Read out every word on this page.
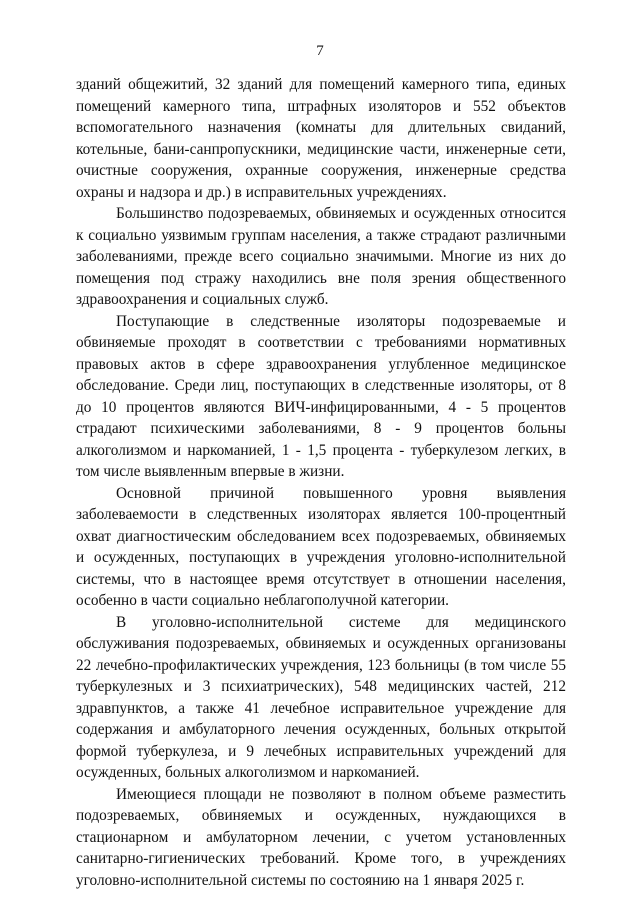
7

зданий общежитий, 32 зданий для помещений камерного типа, единых помещений камерного типа, штрафных изоляторов и 552 объектов вспомогательного назначения (комнаты для длительных свиданий, котельные, бани-санпропускники, медицинские части, инженерные сети, очистные сооружения, охранные сооружения, инженерные средства охраны и надзора и др.) в исправительных учреждениях.

Большинство подозреваемых, обвиняемых и осужденных относится к социально уязвимым группам населения, а также страдают различными заболеваниями, прежде всего социально значимыми. Многие из них до помещения под стражу находились вне поля зрения общественного здравоохранения и социальных служб.

Поступающие в следственные изоляторы подозреваемые и обвиняемые проходят в соответствии с требованиями нормативных правовых актов в сфере здравоохранения углубленное медицинское обследование. Среди лиц, поступающих в следственные изоляторы, от 8 до 10 процентов являются ВИЧ-инфицированными, 4 - 5 процентов страдают психическими заболеваниями, 8 - 9 процентов больны алкоголизмом и наркоманией, 1 - 1,5 процента - туберкулезом легких, в том числе выявленным впервые в жизни.

Основной причиной повышенного уровня выявления заболеваемости в следственных изоляторах является 100-процентный охват диагностическим обследованием всех подозреваемых, обвиняемых и осужденных, поступающих в учреждения уголовно-исполнительной системы, что в настоящее время отсутствует в отношении населения, особенно в части социально неблагополучной категории.

В уголовно-исполнительной системе для медицинского обслуживания подозреваемых, обвиняемых и осужденных организованы 22 лечебно-профилактических учреждения, 123 больницы (в том числе 55 туберкулезных и 3 психиатрических), 548 медицинских частей, 212 здравпунктов, а также 41 лечебное исправительное учреждение для содержания и амбулаторного лечения осужденных, больных открытой формой туберкулеза, и 9 лечебных исправительных учреждений для осужденных, больных алкоголизмом и наркоманией.

Имеющиеся площади не позволяют в полном объеме разместить подозреваемых, обвиняемых и осужденных, нуждающихся в стационарном и амбулаторном лечении, с учетом установленных санитарно-гигиенических требований. Кроме того, в учреждениях уголовно-исполнительной системы по состоянию на 1 января 2025 г.
